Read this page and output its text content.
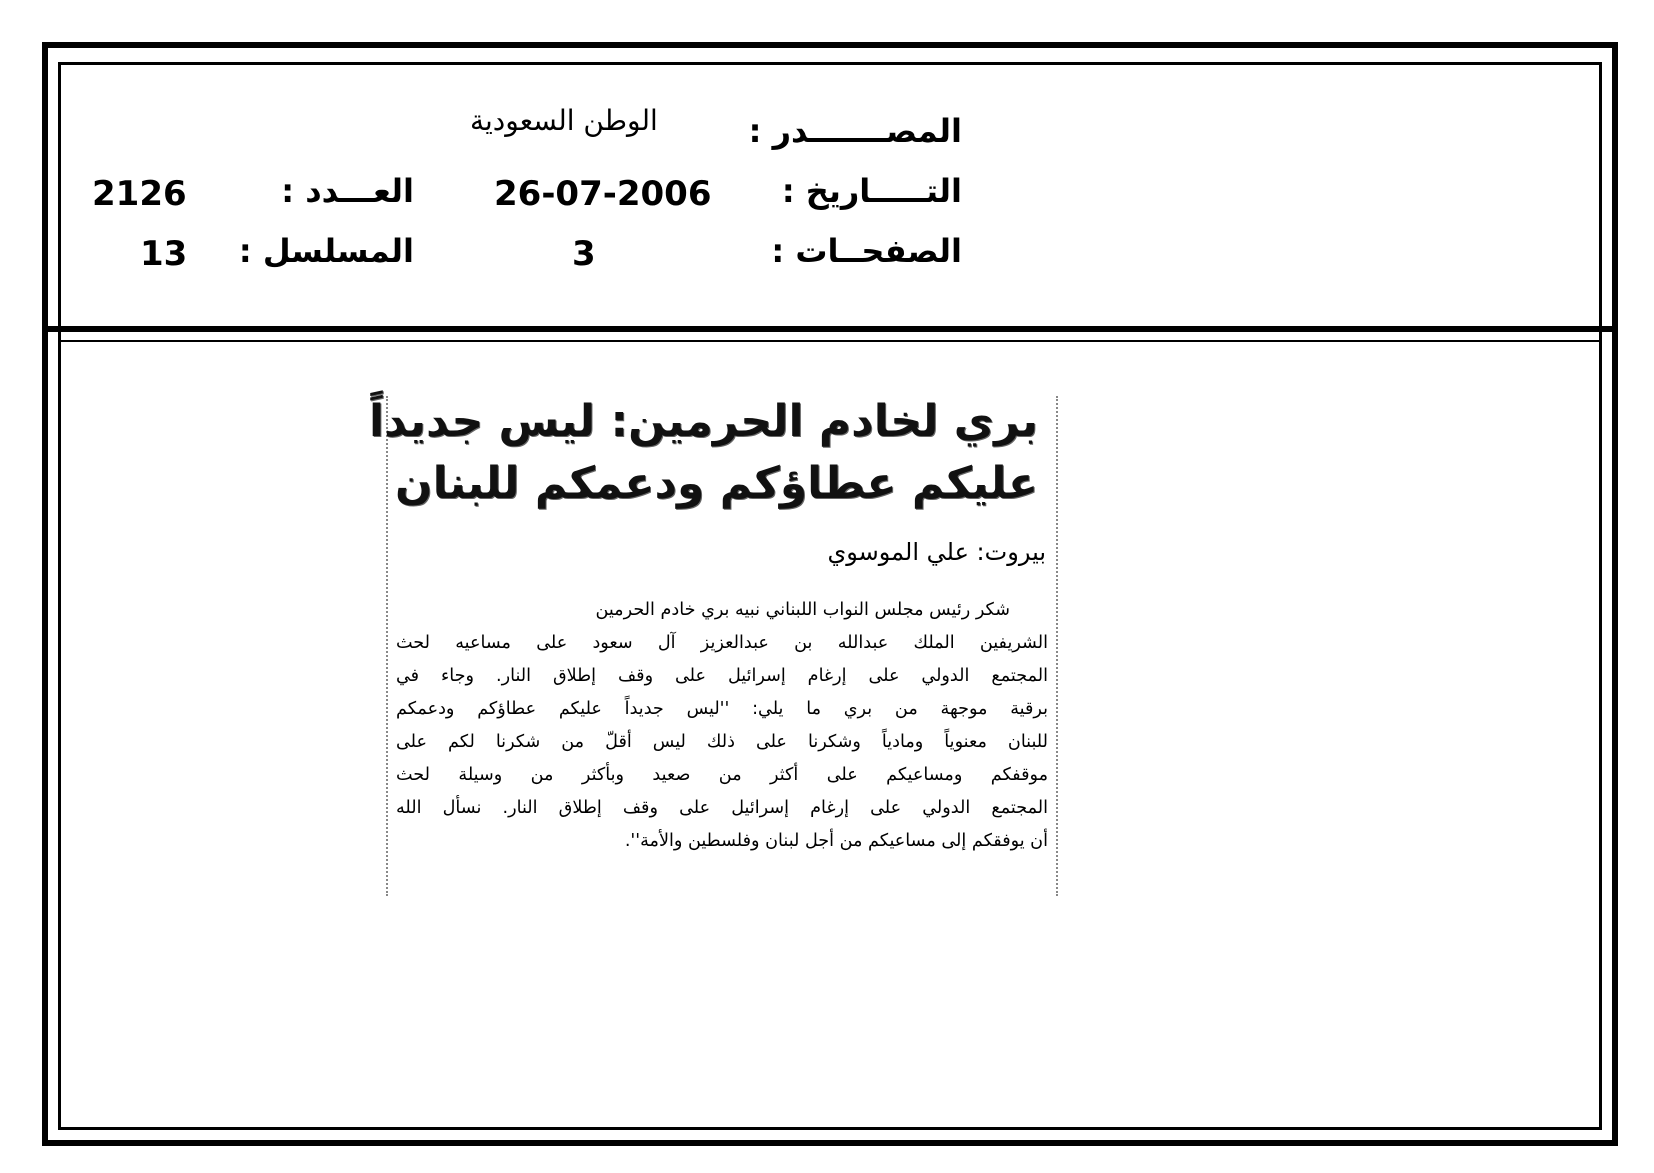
المصـــــــدر :
الوطن السعودية
التـــــاريخ :
26-07-2006
العـــدد :
2126
الصفحــات :
3
المسلسل :
13
بري لخادم الحرمين: ليس جديداً
عليكم عطاؤكم ودعمكم للبنان
بيروت: علي الموسوي
شكر رئيس مجلس النواب اللبناني نبيه بري خادم الحرمين
الشريفين الملك عبدالله بن عبدالعزيز آل سعود على مساعيه لحث
المجتمع الدولي على إرغام إسرائيل على وقف إطلاق النار. وجاء في
برقية موجهة من بري ما يلي: ''ليس جديداً عليكم عطاؤكم ودعمكم
للبنان معنوياً ومادياً وشكرنا على ذلك ليس أقلّ من شكرنا لكم على
موقفكم ومساعيكم على أكثر من صعيد وبأكثر من وسيلة لحث
المجتمع الدولي على إرغام إسرائيل على وقف إطلاق النار. نسأل الله
أن يوفقكم إلى مساعيكم من أجل لبنان وفلسطين والأمة''.
